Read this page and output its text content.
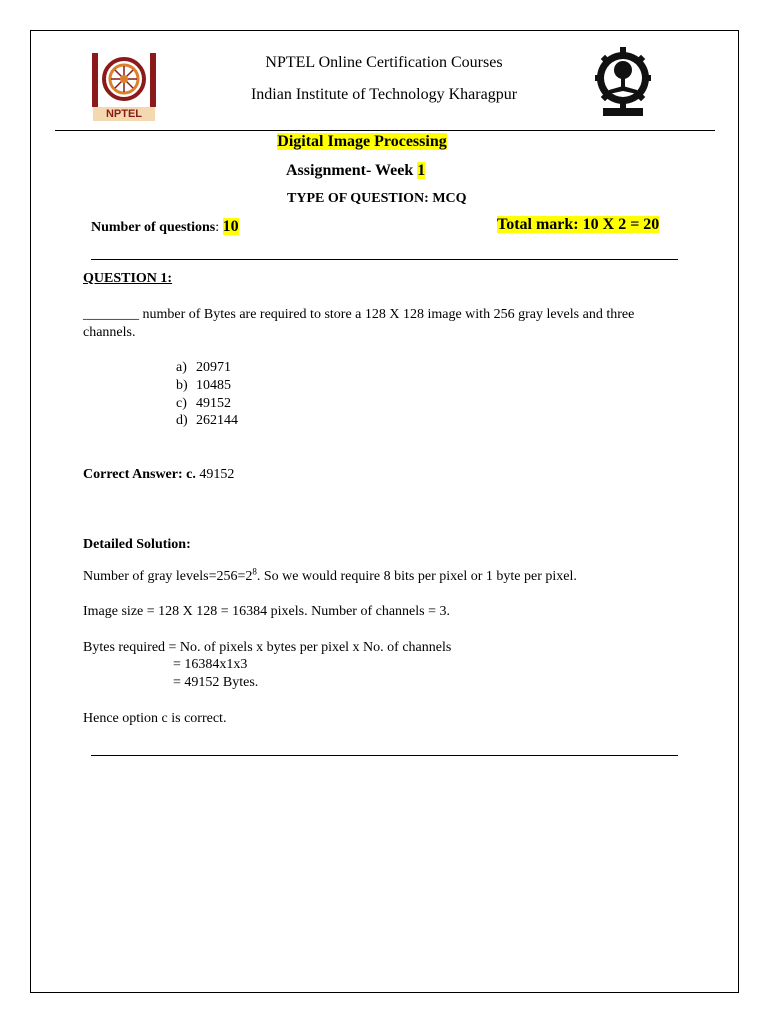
NPTEL
NPTEL Online Certification Courses
Indian Institute of Technology Kharagpur
Digital Image Processing
Assignment- Week 1
TYPE OF QUESTION: MCQ
Number of questions: 10	Total mark: 10 X 2 = 20
QUESTION 1:
________ number of Bytes are required to store a 128 X 128 image with 256 gray levels and three
channels.
a) 20971
b) 10485
c) 49152
d) 262144
Correct Answer: c. 49152
Detailed Solution:
Number of gray $levels=256=2^8$. So we would require 8 bits per pixel or 1 byte per pixel.
Image size = 128 X 128 = 16384 pixels. Number of channels = 3.
Bytes required = No. of pixels x bytes per pixel x No. of channels
= 16384x1x3
= 49152 Bytes.
Hence option c is correct.
